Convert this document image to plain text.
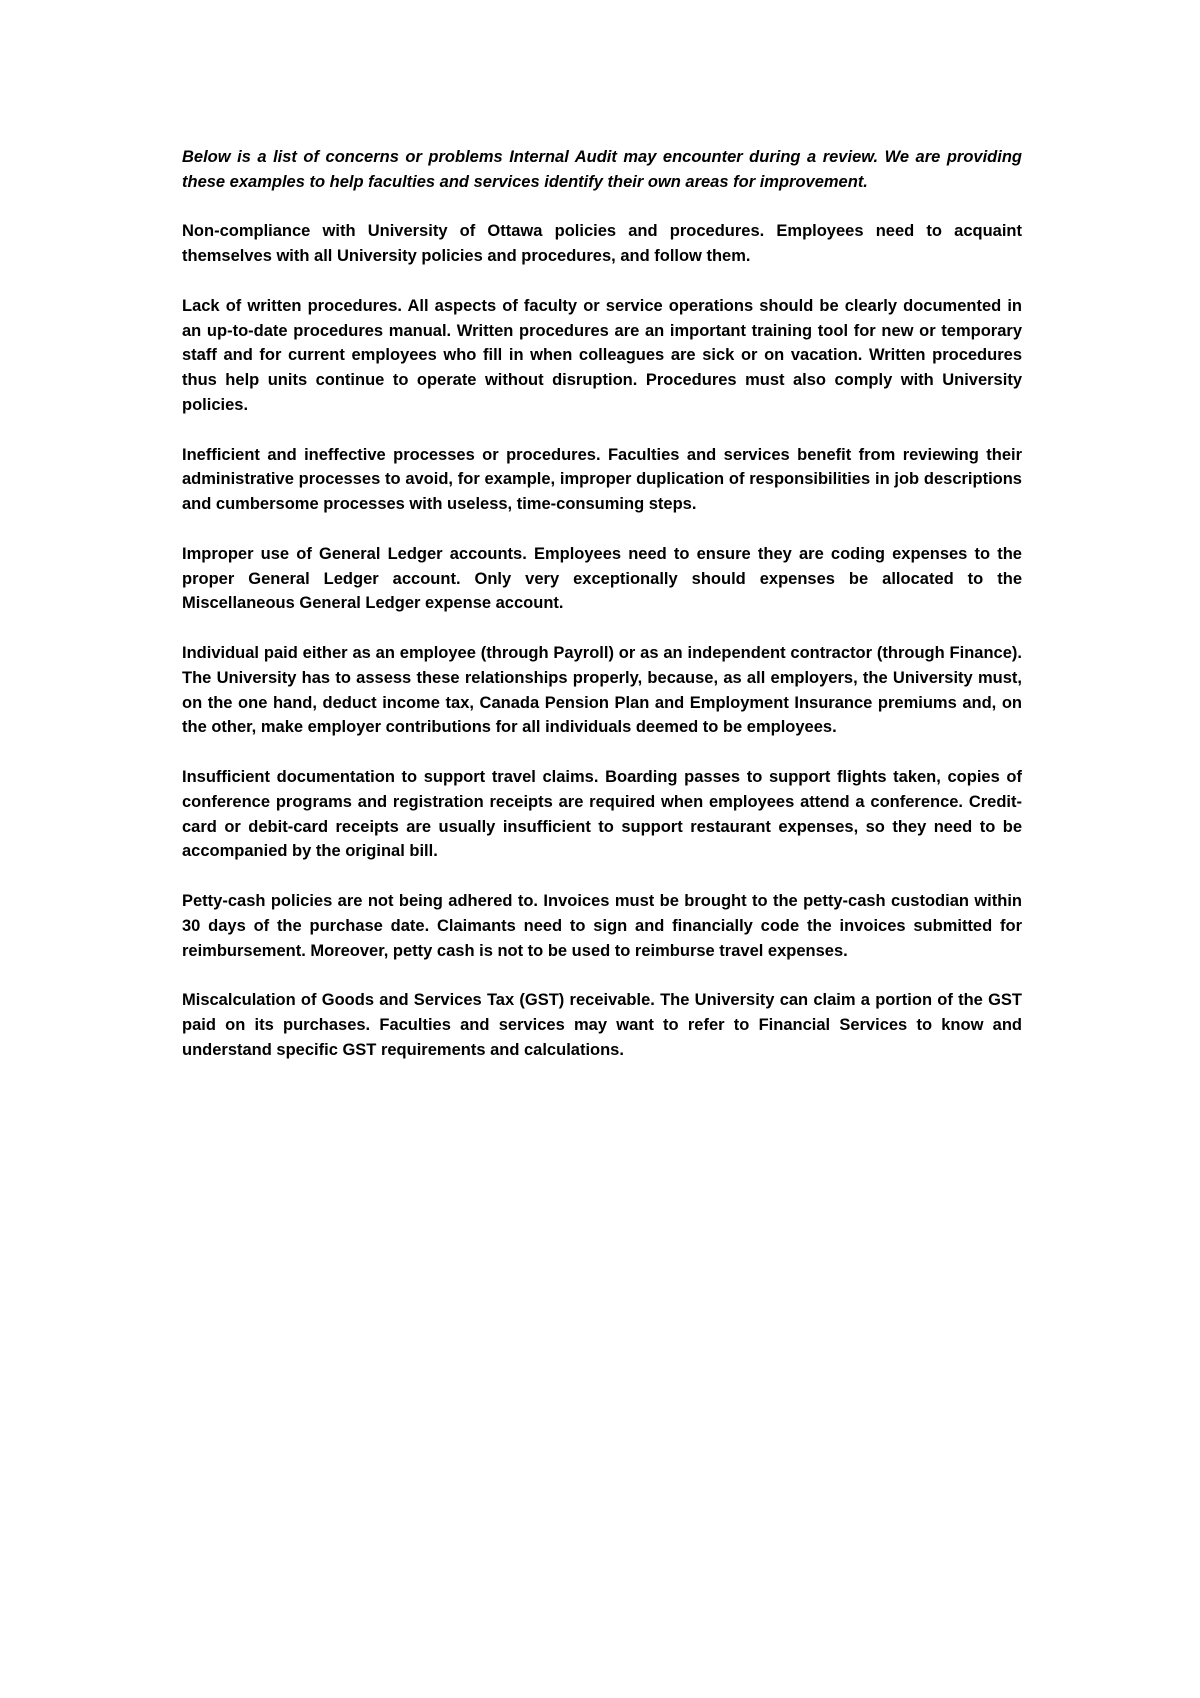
Below is a list of concerns or problems Internal Audit may encounter during a review. We are providing these examples to help faculties and services identify their own areas for improvement.

Non-compliance with University of Ottawa policies and procedures. Employees need to acquaint themselves with all University policies and procedures, and follow them.

Lack of written procedures. All aspects of faculty or service operations should be clearly documented in an up-to-date procedures manual. Written procedures are an important training tool for new or temporary staff and for current employees who fill in when colleagues are sick or on vacation. Written procedures thus help units continue to operate without disruption. Procedures must also comply with University policies.

Inefficient and ineffective processes or procedures. Faculties and services benefit from reviewing their administrative processes to avoid, for example, improper duplication of responsibilities in job descriptions and cumbersome processes with useless, time-consuming steps.

Improper use of General Ledger accounts. Employees need to ensure they are coding expenses to the proper General Ledger account. Only very exceptionally should expenses be allocated to the Miscellaneous General Ledger expense account.

Individual paid either as an employee (through Payroll) or as an independent contractor (through Finance). The University has to assess these relationships properly, because, as all employers, the University must, on the one hand, deduct income tax, Canada Pension Plan and Employment Insurance premiums and, on the other, make employer contributions for all individuals deemed to be employees.

Insufficient documentation to support travel claims. Boarding passes to support flights taken, copies of conference programs and registration receipts are required when employees attend a conference. Credit-card or debit-card receipts are usually insufficient to support restaurant expenses, so they need to be accompanied by the original bill.

Petty-cash policies are not being adhered to. Invoices must be brought to the petty-cash custodian within 30 days of the purchase date. Claimants need to sign and financially code the invoices submitted for reimbursement. Moreover, petty cash is not to be used to reimburse travel expenses.

Miscalculation of Goods and Services Tax (GST) receivable. The University can claim a portion of the GST paid on its purchases. Faculties and services may want to refer to Financial Services to know and understand specific GST requirements and calculations.
